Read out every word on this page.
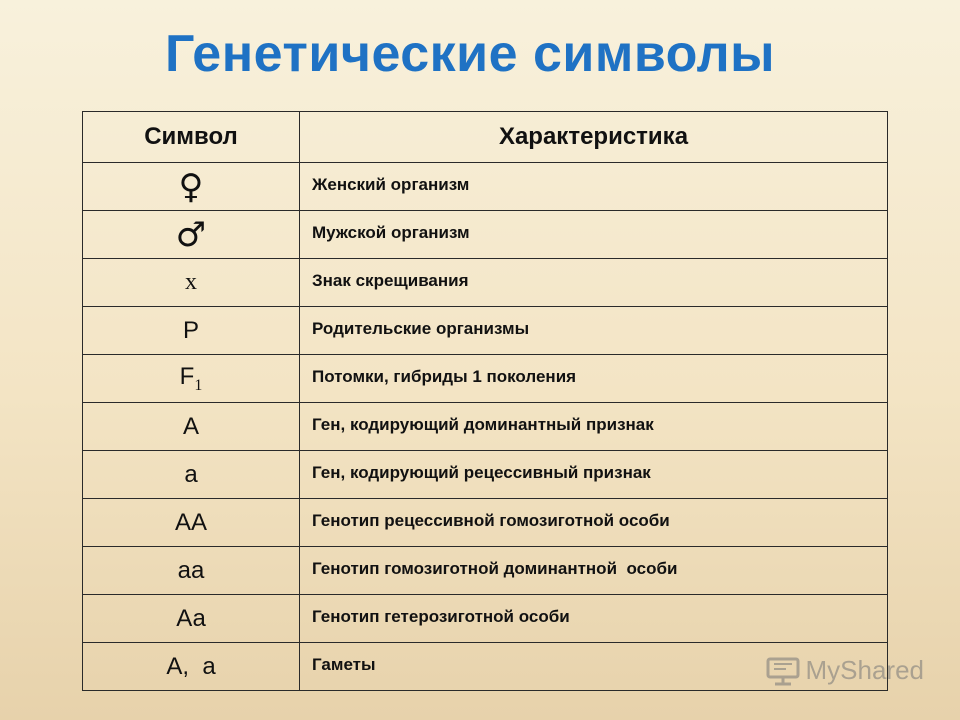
Генетические символы
Символ	Характеристика
♀	Женский организм
♂	Мужской организм
x	Знак скрещивания
Р	Родительские организмы
$F_1$	Потомки, гибриды 1 поколения
А	Ген, кодирующий доминантный признак
а	Ген, кодирующий рецессивный признак
АА	Генотип рецессивной гомозиготной особи
аа	Генотип гомозиготной доминантной  особи
Аа	Генотип гетерозиготной особи
А,  а	Гаметы	MyShared
